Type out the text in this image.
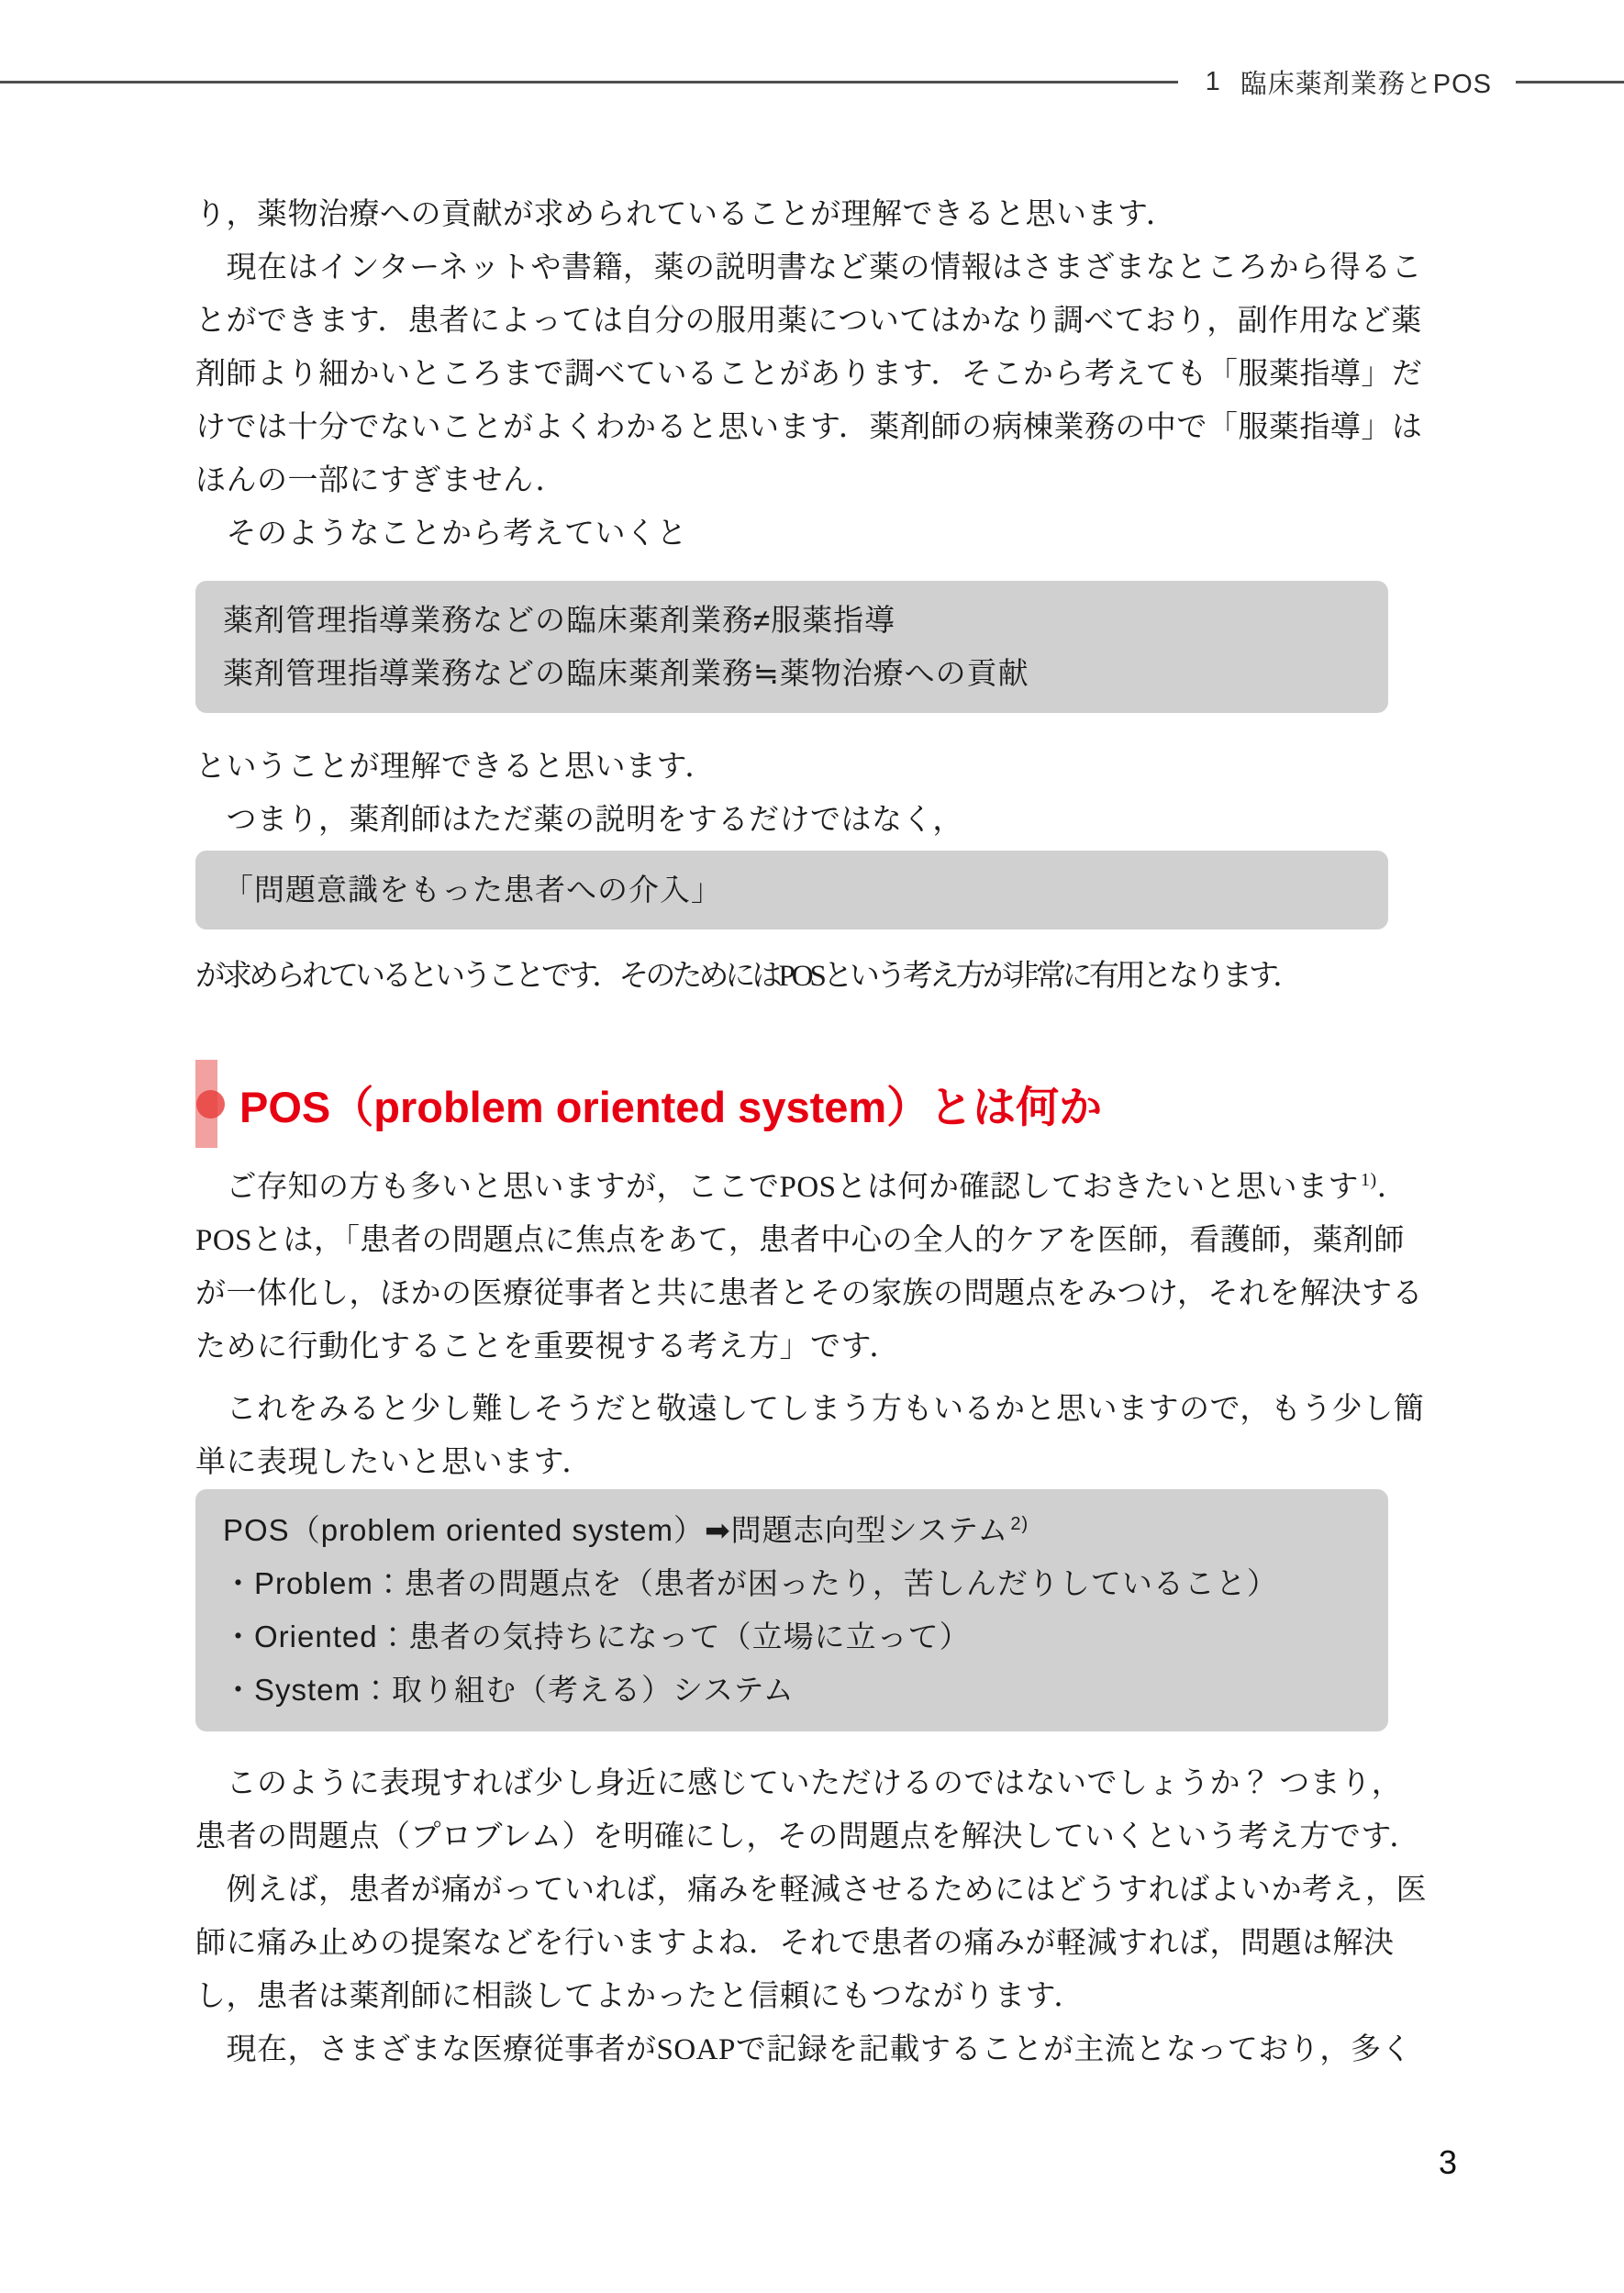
1 臨床薬剤業務とPOS
り，薬物治療への貢献が求められていることが理解できると思います．
　現在はインターネットや書籍，薬の説明書など薬の情報はさまざまなところから得るこ
とができます．患者によっては自分の服用薬についてはかなり調べており，副作用など薬
剤師より細かいところまで調べていることがあります．そこから考えても「服薬指導」だ
けでは十分でないことがよくわかると思います．薬剤師の病棟業務の中で「服薬指導」は
ほんの一部にすぎません．
　そのようなことから考えていくと
薬剤管理指導業務などの臨床薬剤業務≠服薬指導
薬剤管理指導業務などの臨床薬剤業務≒薬物治療への貢献
ということが理解できると思います．
　つまり，薬剤師はただ薬の説明をするだけではなく，
「問題意識をもった患者への介入」
が求められているということです．そのためにはPOSという考え方が非常に有用となります．
POS（problem oriented system）とは何か
　ご存知の方も多いと思いますが，ここでPOSとは何か確認しておきたいと思います $^{1)}$．
POSとは，「患者の問題点に焦点をあて，患者中心の全人的ケアを医師，看護師，薬剤師
が一体化し，ほかの医療従事者と共に患者とその家族の問題点をみつけ，それを解決する
ために行動化することを重要視する考え方」です．
　これをみると少し難しそうだと敬遠してしまう方もいるかと思いますので，もう少し簡
単に表現したいと思います．
POS（problem oriented system）➡問題志向型システム $^{2)}$
・Problem：患者の問題点を（患者が困ったり，苦しんだりしていること）
・Oriented：患者の気持ちになって（立場に立って）
・System：取り組む（考える）システム
　このように表現すれば少し身近に感じていただけるのではないでしょうか？ つまり，
患者の問題点（プロブレム）を明確にし，その問題点を解決していくという考え方です．
　例えば，患者が痛がっていれば，痛みを軽減させるためにはどうすればよいか考え，医
師に痛み止めの提案などを行いますよね．それで患者の痛みが軽減すれば，問題は解決
し，患者は薬剤師に相談してよかったと信頼にもつながります．
　現在，さまざまな医療従事者がSOAPで記録を記載することが主流となっており，多く
3
